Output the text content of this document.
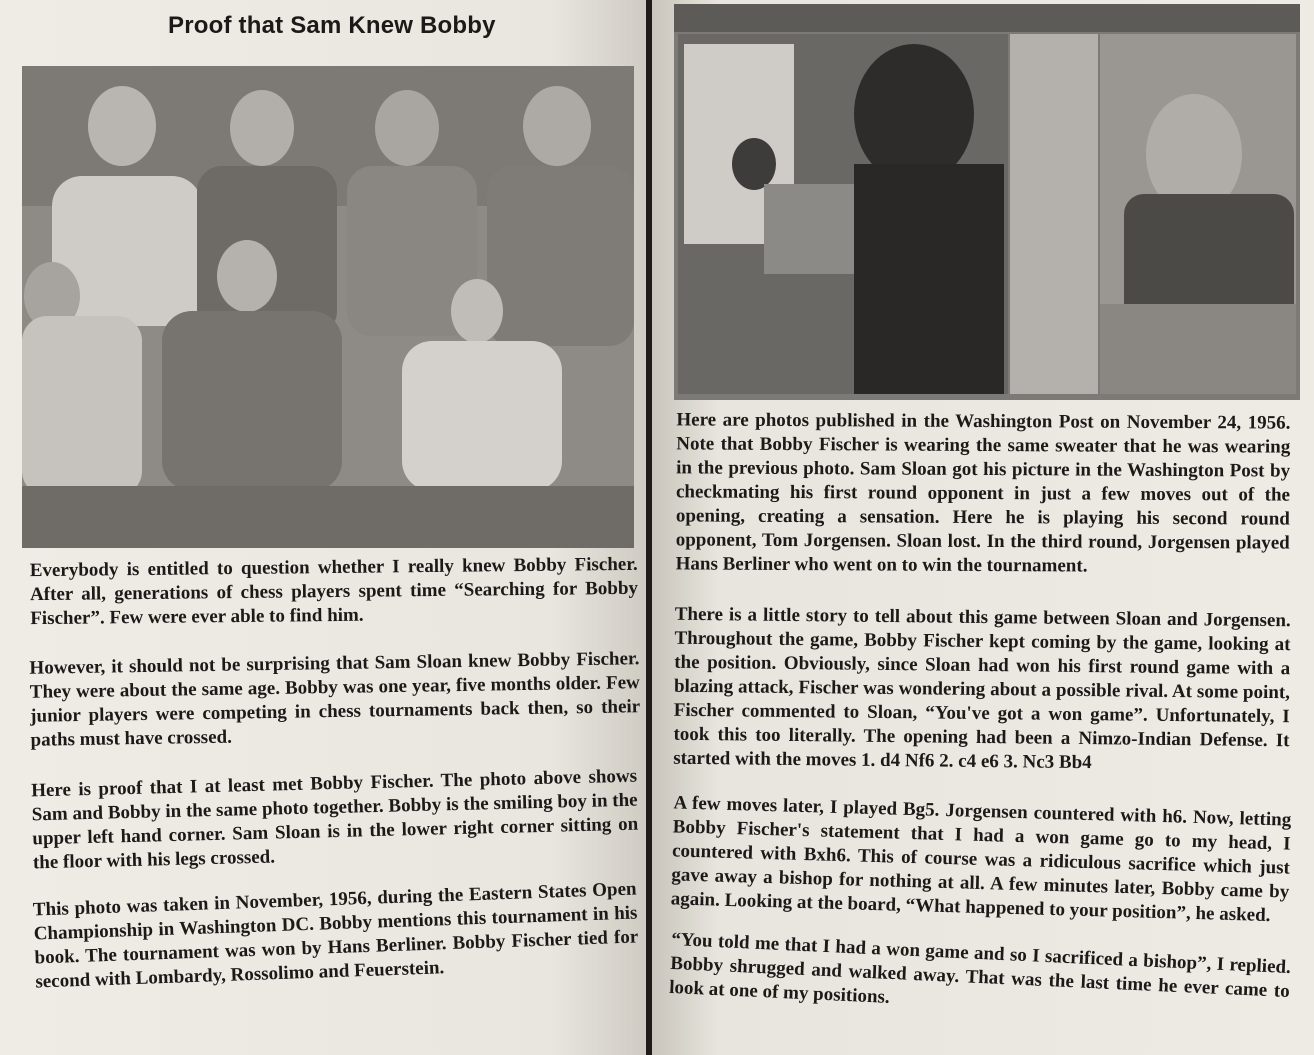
Proof that Sam Knew Bobby

Everybody is entitled to question whether I really knew Bobby Fischer. After all, generations of chess players spent time “Searching for Bobby Fischer”. Few were ever able to find him.

However, it should not be surprising that Sam Sloan knew Bobby Fischer. They were about the same age. Bobby was one year, five months older. Few junior players were competing in chess tournaments back then, so their paths must have crossed.

Here is proof that I at least met Bobby Fischer. The photo above shows Sam and Bobby in the same photo together. Bobby is the smiling boy in the upper left hand corner. Sam Sloan is in the lower right corner sitting on the floor with his legs crossed.

This photo was taken in November, 1956, during the Eastern States Open Championship in Washington DC. Bobby mentions this tournament in his book. The tournament was won by Hans Berliner. Bobby Fischer tied for second with Lombardy, Rossolimo and Feuerstein.

Here are photos published in the Washington Post on November 24, 1956. Note that Bobby Fischer is wearing the same sweater that he was wearing in the previous photo. Sam Sloan got his picture in the Washington Post by checkmating his first round opponent in just a few moves out of the opening, creating a sensation. Here he is playing his second round opponent, Tom Jorgensen. Sloan lost. In the third round, Jorgensen played Hans Berliner who went on to win the tournament.

There is a little story to tell about this game between Sloan and Jorgensen. Throughout the game, Bobby Fischer kept coming by the game, looking at the position. Obviously, since Sloan had won his first round game with a blazing attack, Fischer was wondering about a possible rival. At some point, Fischer commented to Sloan, “You've got a won game”. Unfortunately, I took this too literally. The opening had been a Nimzo-Indian Defense. It started with the moves 1. d4 Nf6 2. c4 e6 3. Nc3 Bb4

A few moves later, I played Bg5. Jorgensen countered with h6. Now, letting Bobby Fischer's statement that I had a won game go to my head, I countered with Bxh6. This of course was a ridiculous sacrifice which just gave away a bishop for nothing at all. A few minutes later, Bobby came by again. Looking at the board, “What happened to your position”, he asked.

“You told me that I had a won game and so I sacrificed a bishop”, I replied. Bobby shrugged and walked away. That was the last time he ever came to look at one of my positions.
